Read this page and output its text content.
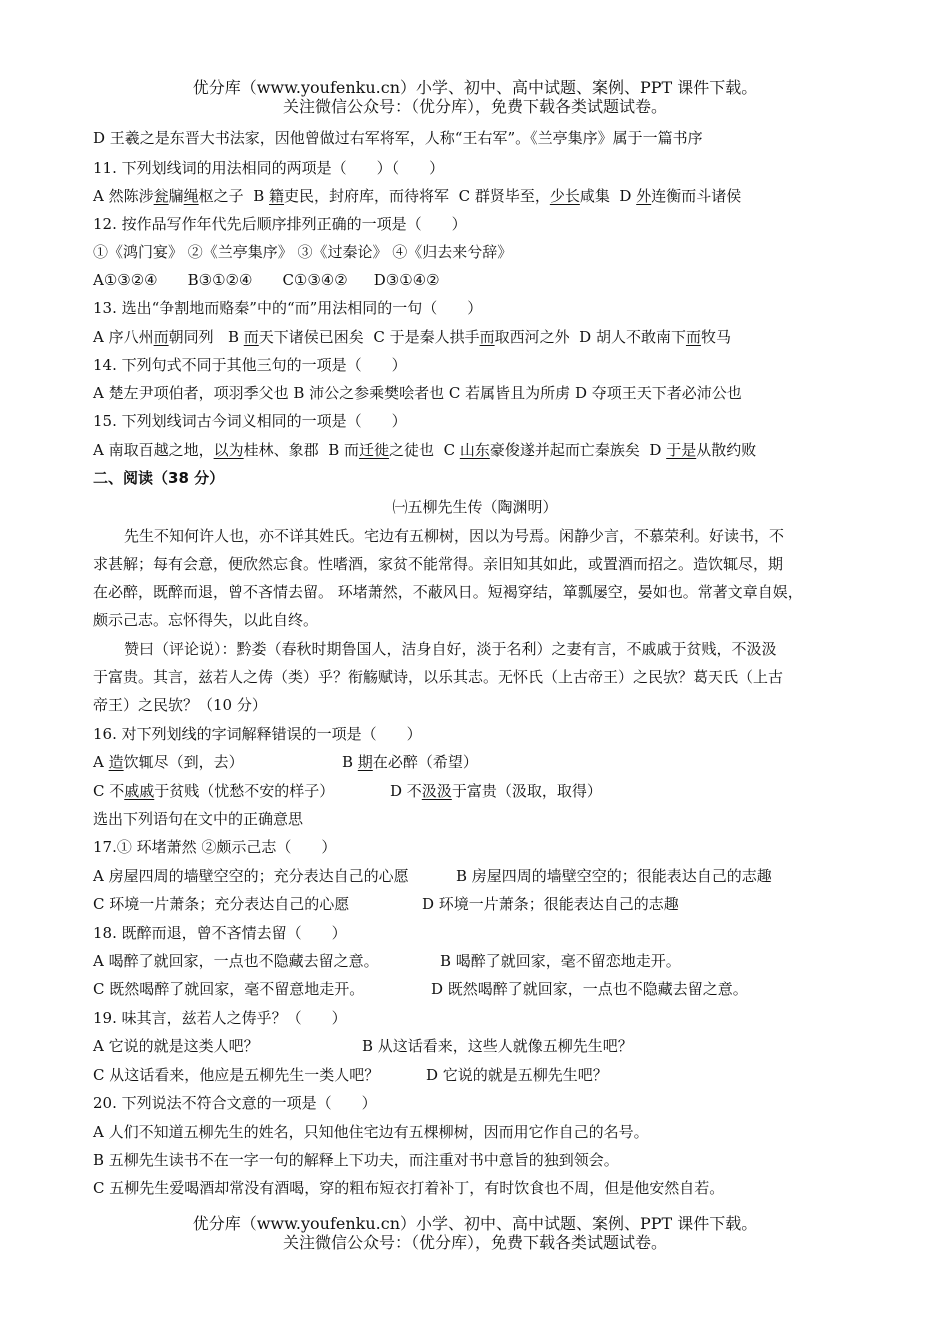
优分库（www.youfenku.cn）小学、初中、高中试题、案例、PPT 课件下载。
关注微信公众号：（优分库），免费下载各类试题试卷。
D 王羲之是东晋大书法家，因他曾做过右军将军，人称“王右军”。《兰亭集序》属于一篇书序
11. 下列划线词的用法相同的两项是（　　）（　　）
A 然陈涉瓮牖绳枢之子 B 籍吏民，封府库，而待将军 C 群贤毕至，少长咸集 D 外连衡而斗诸侯
12. 按作品写作年代先后顺序排列正确的一项是（　　）
①《鸿门宴》 ②《兰亭集序》 ③《过秦论》 ④《归去来兮辞》
A①③②④ B③①②④ C①③④② D③①④②
13. 选出“争割地而赂秦”中的“而”用法相同的一句（　　）
A 序八州而朝同列 B 而天下诸侯已困矣 C 于是秦人拱手而取西河之外 D 胡人不敢南下而牧马
14. 下列句式不同于其他三句的一项是（　　）
A 楚左尹项伯者，项羽季父也 B 沛公之参乘樊哙者也 C 若属皆且为所虏 D 夺项王天下者必沛公也
15. 下列划线词古今词义相同的一项是（　　）
A 南取百越之地，以为桂林、象郡 B 而迁徙之徒也 C 山东豪俊遂并起而亡秦族矣 D 于是从散约败
二、阅读（38 分）
㈠五柳先生传（陶渊明）
先生不知何许人也，亦不详其姓氏。宅边有五柳树，因以为号焉。闲静少言，不慕荣利。好读书，不
求甚解；每有会意，便欣然忘食。性嗜酒，家贫不能常得。亲旧知其如此，或置酒而招之。造饮辄尽，期
在必醉，既醉而退，曾不吝情去留。 环堵萧然，不蔽风日。短褐穿结，箪瓢屡空，晏如也。常著文章自娱，
颇示己志。忘怀得失，以此自终。
赞曰（评论说）：黔娄（春秋时期鲁国人，洁身自好，淡于名利）之妻有言，不戚戚于贫贱，不汲汲
于富贵。其言，兹若人之俦（类）乎？衔觞赋诗，以乐其志。无怀氏（上古帝王）之民欤？葛天氏（上古
帝王）之民欤？（10 分）
16. 对下列划线的字词解释错误的一项是（　　）
A 造饮辄尽（到，去）	B 期在必醉（希望）
C 不戚戚于贫贱（忧愁不安的样子）	D 不汲汲于富贵（汲取，取得）
选出下列语句在文中的正确意思
17.① 环堵萧然 ②颇示己志（　　）
A 房屋四周的墙壁空空的；充分表达自己的心愿	B 房屋四周的墙壁空空的；很能表达自己的志趣
C 环境一片萧条；充分表达自己的心愿	D 环境一片萧条；很能表达自己的志趣
18. 既醉而退，曾不吝情去留（　　）
A 喝醉了就回家，一点也不隐藏去留之意。	B 喝醉了就回家，毫不留恋地走开。
C 既然喝醉了就回家，毫不留意地走开。	D 既然喝醉了就回家，一点也不隐藏去留之意。
19. 味其言，兹若人之俦乎？（　　）
A 它说的就是这类人吧？	B 从这话看来，这些人就像五柳先生吧？
C 从这话看来，他应是五柳先生一类人吧？	D 它说的就是五柳先生吧？
20. 下列说法不符合文意的一项是（　　）
A 人们不知道五柳先生的姓名，只知他住宅边有五棵柳树，因而用它作自己的名号。
B 五柳先生读书不在一字一句的解释上下功夫，而注重对书中意旨的独到领会。
C 五柳先生爱喝酒却常没有酒喝，穿的粗布短衣打着补丁，有时饮食也不周，但是他安然自若。
优分库（www.youfenku.cn）小学、初中、高中试题、案例、PPT 课件下载。
关注微信公众号：（优分库），免费下载各类试题试卷。
